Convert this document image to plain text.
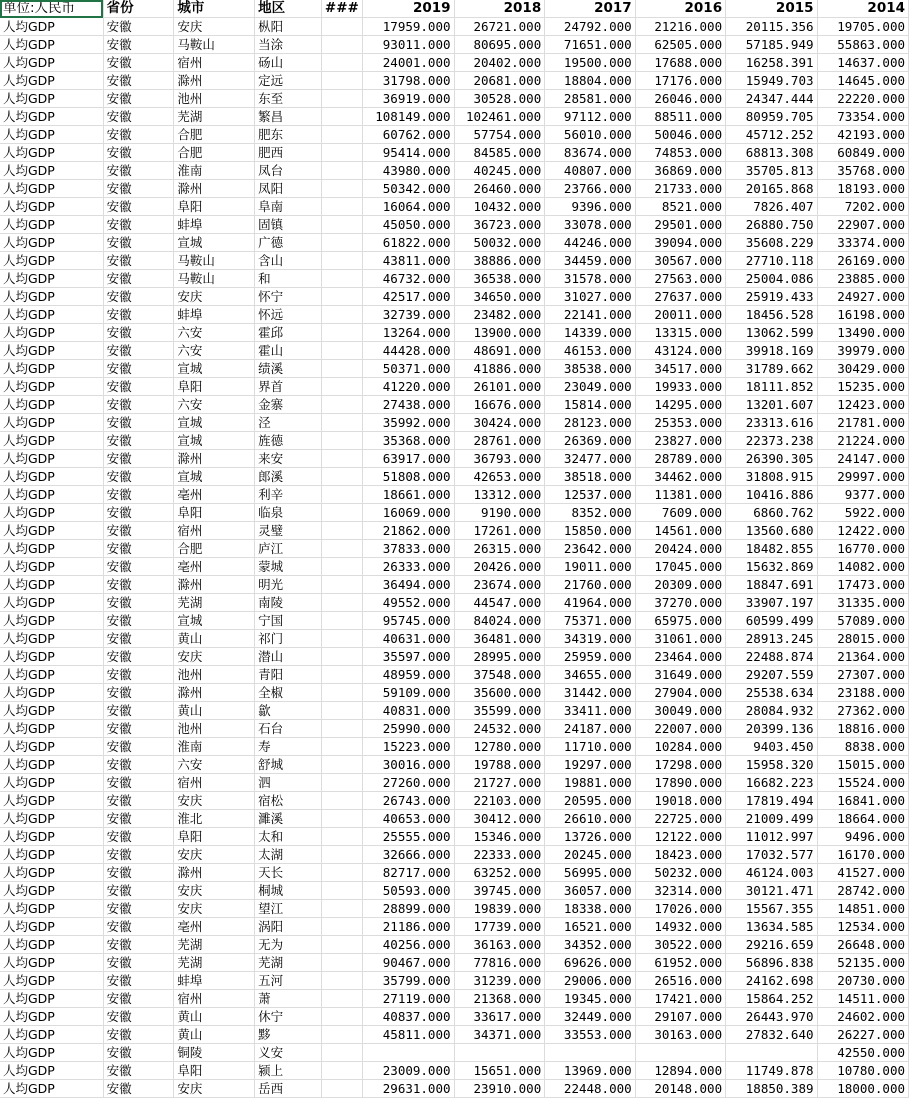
单位:人民币	省份	城市	地区	###	2019	2018	2017	2016	2015	2014
人均GDP	安徽	安庆	枞阳		17959.000	26721.000	24792.000	21216.000	20115.356	19705.000
人均GDP	安徽	马鞍山	当涂		93011.000	80695.000	71651.000	62505.000	57185.949	55863.000
人均GDP	安徽	宿州	砀山		24001.000	20402.000	19500.000	17688.000	16258.391	14637.000
人均GDP	安徽	滁州	定远		31798.000	20681.000	18804.000	17176.000	15949.703	14645.000
人均GDP	安徽	池州	东至		36919.000	30528.000	28581.000	26046.000	24347.444	22220.000
人均GDP	安徽	芜湖	繁昌		108149.000	102461.000	97112.000	88511.000	80959.705	73354.000
人均GDP	安徽	合肥	肥东		60762.000	57754.000	56010.000	50046.000	45712.252	42193.000
人均GDP	安徽	合肥	肥西		95414.000	84585.000	83674.000	74853.000	68813.308	60849.000
人均GDP	安徽	淮南	凤台		43980.000	40245.000	40807.000	36869.000	35705.813	35768.000
人均GDP	安徽	滁州	凤阳		50342.000	26460.000	23766.000	21733.000	20165.868	18193.000
人均GDP	安徽	阜阳	阜南		16064.000	10432.000	9396.000	8521.000	7826.407	7202.000
人均GDP	安徽	蚌埠	固镇		45050.000	36723.000	33078.000	29501.000	26880.750	22907.000
人均GDP	安徽	宣城	广德		61822.000	50032.000	44246.000	39094.000	35608.229	33374.000
人均GDP	安徽	马鞍山	含山		43811.000	38886.000	34459.000	30567.000	27710.118	26169.000
人均GDP	安徽	马鞍山	和		46732.000	36538.000	31578.000	27563.000	25004.086	23885.000
人均GDP	安徽	安庆	怀宁		42517.000	34650.000	31027.000	27637.000	25919.433	24927.000
人均GDP	安徽	蚌埠	怀远		32739.000	23482.000	22141.000	20011.000	18456.528	16198.000
人均GDP	安徽	六安	霍邱		13264.000	13900.000	14339.000	13315.000	13062.599	13490.000
人均GDP	安徽	六安	霍山		44428.000	48691.000	46153.000	43124.000	39918.169	39979.000
人均GDP	安徽	宣城	绩溪		50371.000	41886.000	38538.000	34517.000	31789.662	30429.000
人均GDP	安徽	阜阳	界首		41220.000	26101.000	23049.000	19933.000	18111.852	15235.000
人均GDP	安徽	六安	金寨		27438.000	16676.000	15814.000	14295.000	13201.607	12423.000
人均GDP	安徽	宣城	泾		35992.000	30424.000	28123.000	25353.000	23313.616	21781.000
人均GDP	安徽	宣城	旌德		35368.000	28761.000	26369.000	23827.000	22373.238	21224.000
人均GDP	安徽	滁州	来安		63917.000	36793.000	32477.000	28789.000	26390.305	24147.000
人均GDP	安徽	宣城	郎溪		51808.000	42653.000	38518.000	34462.000	31808.915	29997.000
人均GDP	安徽	亳州	利辛		18661.000	13312.000	12537.000	11381.000	10416.886	9377.000
人均GDP	安徽	阜阳	临泉		16069.000	9190.000	8352.000	7609.000	6860.762	5922.000
人均GDP	安徽	宿州	灵璧		21862.000	17261.000	15850.000	14561.000	13560.680	12422.000
人均GDP	安徽	合肥	庐江		37833.000	26315.000	23642.000	20424.000	18482.855	16770.000
人均GDP	安徽	亳州	蒙城		26333.000	20426.000	19011.000	17045.000	15632.869	14082.000
人均GDP	安徽	滁州	明光		36494.000	23674.000	21760.000	20309.000	18847.691	17473.000
人均GDP	安徽	芜湖	南陵		49552.000	44547.000	41964.000	37270.000	33907.197	31335.000
人均GDP	安徽	宣城	宁国		95745.000	84024.000	75371.000	65975.000	60599.499	57089.000
人均GDP	安徽	黄山	祁门		40631.000	36481.000	34319.000	31061.000	28913.245	28015.000
人均GDP	安徽	安庆	潜山		35597.000	28995.000	25959.000	23464.000	22488.874	21364.000
人均GDP	安徽	池州	青阳		48959.000	37548.000	34655.000	31649.000	29207.559	27307.000
人均GDP	安徽	滁州	全椒		59109.000	35600.000	31442.000	27904.000	25538.634	23188.000
人均GDP	安徽	黄山	歙		40831.000	35599.000	33411.000	30049.000	28084.932	27362.000
人均GDP	安徽	池州	石台		25990.000	24532.000	24187.000	22007.000	20399.136	18816.000
人均GDP	安徽	淮南	寿		15223.000	12780.000	11710.000	10284.000	9403.450	8838.000
人均GDP	安徽	六安	舒城		30016.000	19788.000	19297.000	17298.000	15958.320	15015.000
人均GDP	安徽	宿州	泗		27260.000	21727.000	19881.000	17890.000	16682.223	15524.000
人均GDP	安徽	安庆	宿松		26743.000	22103.000	20595.000	19018.000	17819.494	16841.000
人均GDP	安徽	淮北	濉溪		40653.000	30412.000	26610.000	22725.000	21009.499	18664.000
人均GDP	安徽	阜阳	太和		25555.000	15346.000	13726.000	12122.000	11012.997	9496.000
人均GDP	安徽	安庆	太湖		32666.000	22333.000	20245.000	18423.000	17032.577	16170.000
人均GDP	安徽	滁州	天长		82717.000	63252.000	56995.000	50232.000	46124.003	41527.000
人均GDP	安徽	安庆	桐城		50593.000	39745.000	36057.000	32314.000	30121.471	28742.000
人均GDP	安徽	安庆	望江		28899.000	19839.000	18338.000	17026.000	15567.355	14851.000
人均GDP	安徽	亳州	涡阳		21186.000	17739.000	16521.000	14932.000	13634.585	12534.000
人均GDP	安徽	芜湖	无为		40256.000	36163.000	34352.000	30522.000	29216.659	26648.000
人均GDP	安徽	芜湖	芜湖		90467.000	77816.000	69626.000	61952.000	56896.838	52135.000
人均GDP	安徽	蚌埠	五河		35799.000	31239.000	29006.000	26516.000	24162.698	20730.000
人均GDP	安徽	宿州	萧		27119.000	21368.000	19345.000	17421.000	15864.252	14511.000
人均GDP	安徽	黄山	休宁		40837.000	33617.000	32449.000	29107.000	26443.970	24602.000
人均GDP	安徽	黄山	黟		45811.000	34371.000	33553.000	30163.000	27832.640	26227.000
人均GDP	安徽	铜陵	义安							42550.000
人均GDP	安徽	阜阳	颍上		23009.000	15651.000	13969.000	12894.000	11749.878	10780.000
人均GDP	安徽	安庆	岳西		29631.000	23910.000	22448.000	20148.000	18850.389	18000.000
